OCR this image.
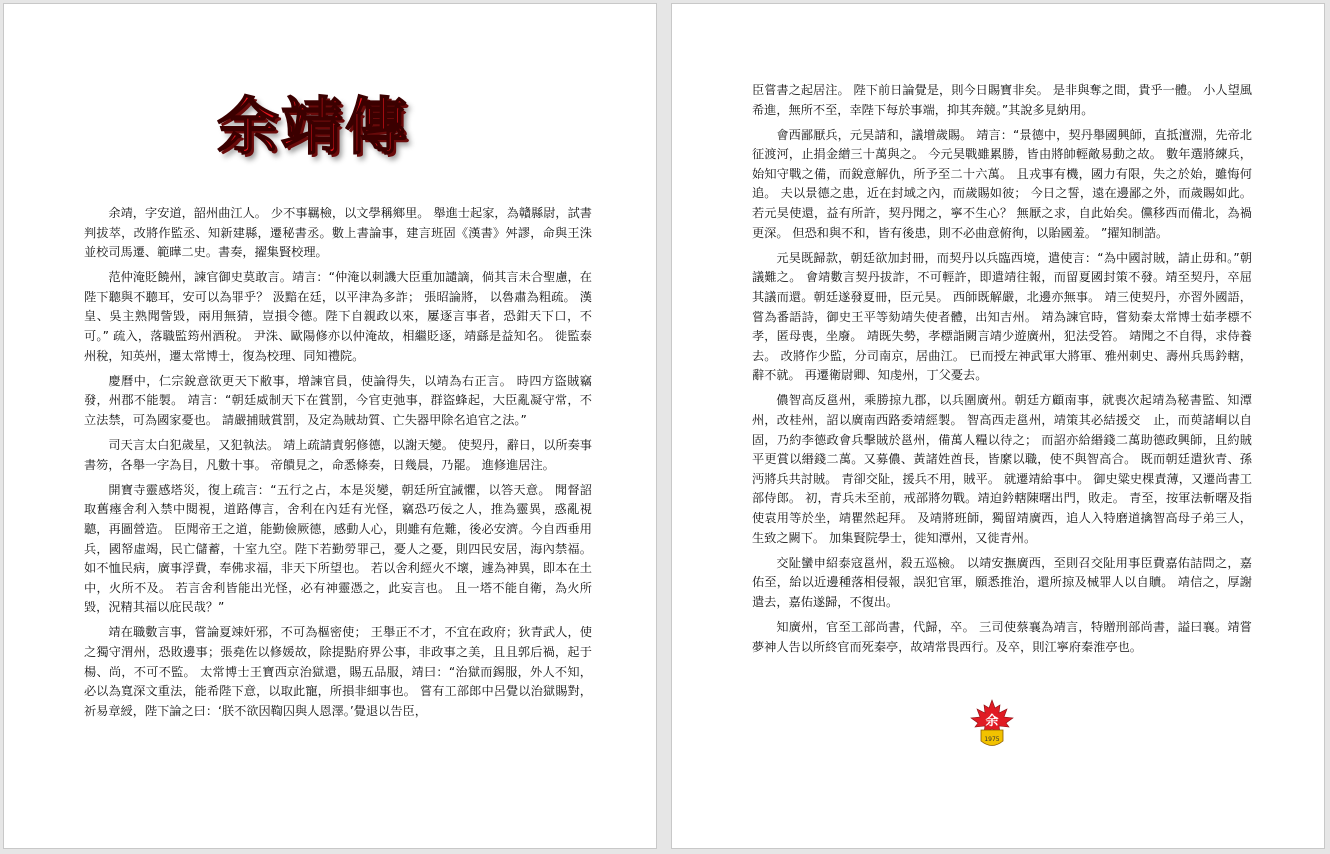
余靖傳

余靖，字安道，韶州曲江人。 少不事羈檢，以文學稱鄉里。 舉進士起家，為贛縣尉，試書判拔萃，改將作監丞、知新建縣，遷秘書丞。數上書論事，建言班固《漢書》舛謬，命與王洙並校司馬遷、範曄二史。書奏，擢集賢校理。

范仲淹貶饒州，諫官御史莫敢言。靖言：“仲淹以刺譏大臣重加譴謫，倘其言未合聖慮，在陛下聽與不聽耳，安可以為罪乎？ 汲黯在廷，以平津為多詐； 張昭論將， 以魯肅為粗疏。 漢皇、吳主熟聞訾毀，兩用無猜，豈損令德。陛下自親政以來，屢逐言事者，恐鉗天下口，不可。” 疏入，落職監筠州酒稅。 尹洙、歐陽修亦以仲淹故，相繼貶逐，靖繇是益知名。 徙監泰州稅，知英州，遷太常博士，復為校理、同知禮院。

慶曆中，仁宗銳意欲更天下敝事，增諫官員，使論得失，以靖為右正言。 時四方盜賊竊發，州郡不能製。 靖言：“朝廷威制天下在賞罰，今官吏弛事，群盜蜂起，大臣亂凝守常，不立法禁，可為國家憂也。 請嚴捕賊賞罰，及定為賊劫質、亡失器甲除名追官之法。”

司天言太白犯歲星，又犯執法。 靖上疏請責躬修德，以謝天變。 使契丹，辭日，以所奏事書笏，各舉一字為目，凡數十事。 帝饋見之，命悉條奏，日幾晨，乃罷。 進修進居注。

開寶寺靈感塔災，復上疏言：“五行之占，本是災變，朝廷所宜誡懼，以答天意。 聞督詔取舊瘞舍利入禁中閱視，道路傳言，舍利在內廷有光怪，竊恐巧佞之人，推為靈異，惑亂視聽，再圖營造。 臣聞帝王之道，能勤儉厥德，感動人心，則雖有危難，後必安濟。今自西垂用兵，國帑虛竭，民亡儲蓄，十室九空。陛下若勤勞罪己，憂人之憂，則四民安居，海內禁福。 如不恤民病，廣事浮費，奉佛求福，非天下所望也。 若以舍利經火不壞，遽為神異，即本在土中，火所不及。 若言舍利皆能出光怪，必有神靈憑之，此妄言也。 且一塔不能自衛，為火所毀，況精其福以庇民哉？”

靖在職數言事，嘗論夏竦奸邪，不可為樞密使； 王舉正不才，不宜在政府；狄青武人，使之獨守渭州，恐敗邊事；張堯佐以修媛故，除提點府界公事，非政事之美，且且郭后禍，起于楊、尚，不可不監。 太常博士王寶西京治獄還，賜五品服，靖曰：“治獄而錫服，外人不知，必以為寬深文重法，能希陛下意，以取此寵，所損非細事也。 嘗有工部郎中呂覺以治獄賜對，祈易章綬，陛下論之曰：‘朕不欲因鞫囚與人恩澤。’覺退以告臣，

臣嘗書之起居注。 陛下前日論覺是，則今日賜寶非矣。 是非與奪之間，貴乎一體。 小人望風希進，無所不至，幸陛下每於事端，抑其奔競。”其說多見納用。

會西鄙厭兵，元昊請和，議增歲賜。 靖言：“景德中，契丹舉國興師，直抵澶淵，先帝北征渡河，止捐金繒三十萬與之。 今元昊戰雖累勝，皆由將帥輕敵易動之故。 數年選將練兵，始知守戰之備，而銳意解仇，所予至二十六萬。 且戎事有機，國力有限，失之於始，雖悔何追。 夫以景德之患，近在封域之內，而歲賜如彼； 今日之誓，遠在邊鄙之外，而歲賜如此。 若元昊使還，益有所許，契丹聞之，寧不生心？ 無厭之求，自此始矣。儻移西而備北，為禍更深。 但恐和與不和，皆有後患，則不必曲意俯徇，以貽國羞。 ”擢知制誥。

元昊既歸款，朝廷欲加封冊，而契丹以兵臨西境，遣使言：“為中國討賊，請止毋和。”朝議難之。 會靖數言契丹拔詐，不可輕許，即遣靖往報，而留夏國封策不發。靖至契丹，卒屈其議而還。朝廷遂發夏冊，臣元昊。 西師既解嚴，北邊亦無事。 靖三使契丹，亦習外國語，嘗為番語詩，御史王平等劾靖失使者體，出知吉州。 靖為諫官時，嘗劾秦太常博士茹孝標不孝，匿母喪，坐廢。 靖既失勢，孝標詣闕言靖少遊廣州，犯法受笞。 靖聞之不自得，求侍養去。 改將作少監，分司南京，居曲江。 已而授左神武軍大將軍、雅州刺史、壽州兵馬鈐轄，辭不就。 再遷衛尉卿、知虔州，丁父憂去。

儂智高反邕州，乘勝掠九郡，以兵圍廣州。朝廷方顧南事，就喪次起靖為秘書監、知潭州，改桂州，詔以廣南西路委靖經製。 智高西走邕州，靖策其必結援交　止，而萸諸峒以自固，乃約李德政會兵擊賊於邕州，備萬人糧以待之； 而詔亦給緡錢二萬助德政興師，且約賊平更賞以緡錢二萬。又募儂、黃諸姓酋長，皆縻以職，使不與智高合。 既而朝廷遣狄青、孫沔將兵共討賊。 青卻交阯，援兵不用，賊平。 就遷靖給事中。 御史粱史棵責薄，又遷尚書工部侍郎。 初，青兵未至前，戒部將勿戰。靖迫鈐轄陳曙出門，敗走。 青至，按軍法斬曙及指使袁用等於坐，靖瞿然起拜。 及靖將班師，獨留靖廣西，追人入特磨道擒智高母子弟三人，生致之闕下。 加集賢院學士，徙知潭州，又徙青州。

交阯蠻申紹泰寇邕州，殺五巡檢。 以靖安撫廣西，至則召交阯用事臣費嘉佑詰問之，嘉佑至，紿以近邊種落相侵報，誤犯官軍，願悉推治，還所掠及械罪人以自贖。 靖信之，厚謝遣去，嘉佑遂歸，不復出。

知廣州，官至工部尚書，代歸，卒。 三司使蔡襄為靖言，特贈刑部尚書，謚曰襄。靖嘗夢神人告以所終官而死秦亭，故靖常畏西行。及卒，則江寧府秦淮亭也。

余
1975
